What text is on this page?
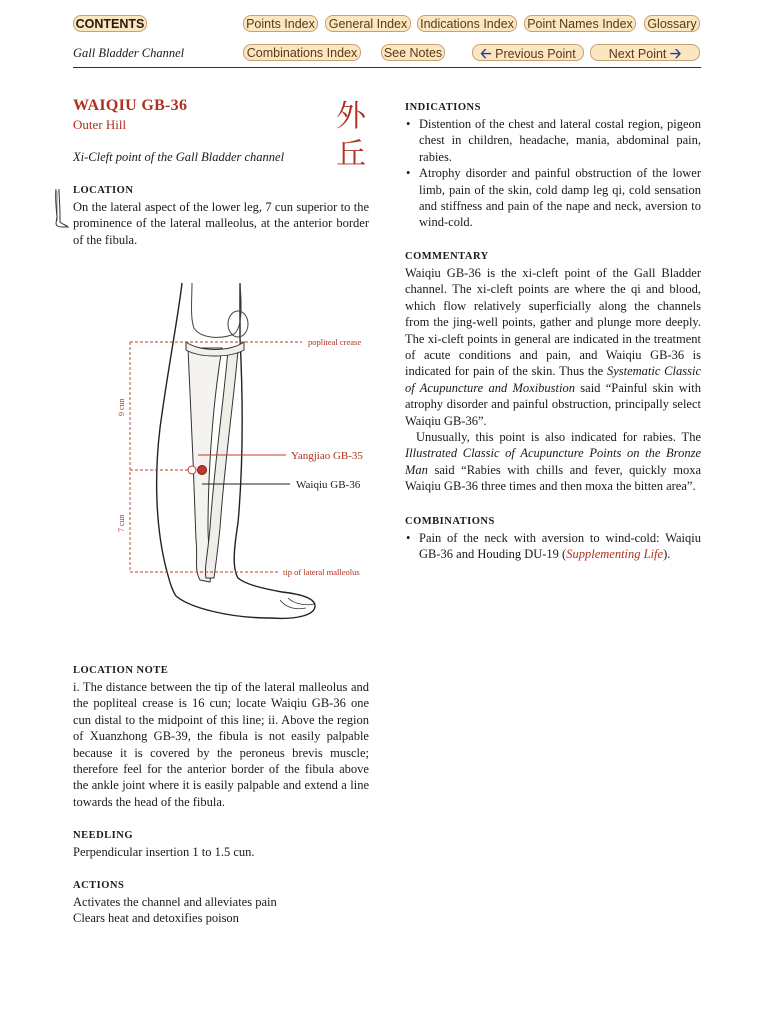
CONTENTS	Points Index General Index Indications Index Point Names Index Glossary
Combinations Index	See Notes	🡠 Previous Point	Next Point 🡢
Gall Bladder Channel
WAIQIU GB-36
Outer Hill
Xi-Cleft point of the Gall Bladder channel
外
丘
LOCATION
On the lateral aspect of the lower leg, 7 cun superior to the prominence of the lateral malleolus, at the anterior border of the fibula.
popliteal crease
Yangjiao GB-35
Waiqiu GB-36
tip of lateral malleolus
9 cun
7 cun
LOCATION NOTE
i. The distance between the tip of the lateral malleolus and the popliteal crease is 16 cun; locate Waiqiu GB-36 one cun distal to the midpoint of this line; ii. Above the region of Xuanzhong GB-39, the fibula is not easily palpable because it is covered by the peroneus brevis muscle; therefore feel for the anterior border of the fibula above the ankle joint where it is easily palpable and extend a line towards the head of the fibula.
NEEDLING
Perpendicular insertion 1 to 1.5 cun.
ACTIONS
Activates the channel and alleviates pain
Clears heat and detoxifies poison
INDICATIONS
• Distention of the chest and lateral costal region, pigeon chest in children, headache, mania, abdominal pain, rabies.
• Atrophy disorder and painful obstruction of the lower limb, pain of the skin, cold damp leg qi, cold sensation and stiffness and pain of the nape and neck, aversion to wind-cold.
COMMENTARY
Waiqiu GB-36 is the xi-cleft point of the Gall Bladder channel. The xi-cleft points are where the qi and blood, which flow relatively superficially along the channels from the jing-well points, gather and plunge more deeply. The xi-cleft points in general are indicated in the treatment of acute conditions and pain, and Waiqiu GB-36 is indicated for pain of the skin. Thus the Systematic Classic of Acupuncture and Moxibustion said “Painful skin with atrophy disorder and painful obstruction, principally select Waiqiu GB-36”.
Unusually, this point is also indicated for rabies. The Illustrated Classic of Acupuncture Points on the Bronze Man said “Rabies with chills and fever, quickly moxa Waiqiu GB-36 three times and then moxa the bitten area”.
COMBINATIONS
• Pain of the neck with aversion to wind-cold: Waiqiu GB-36 and Houding DU-19 (Supplementing Life).
